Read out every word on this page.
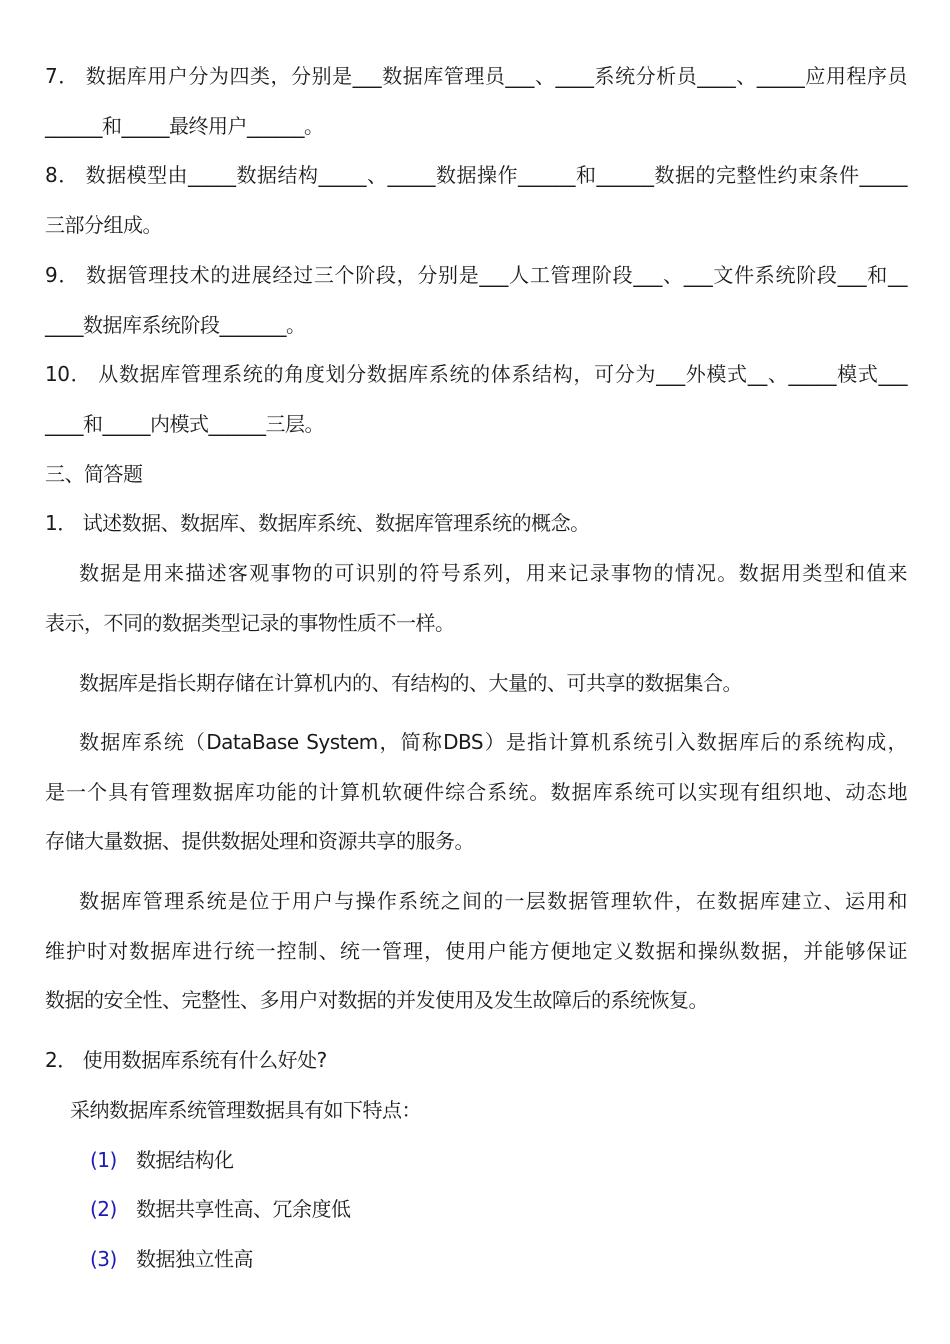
7． 数据库用户分为四类，分别是___数据库管理员___、____系统分析员____、_____应用程序员
______和_____最终用户______。
8． 数据模型由_____数据结构_____、_____数据操作______和______数据的完整性约束条件_____
三部分组成。
9． 数据管理技术的进展经过三个阶段，分别是___人工管理阶段___、___文件系统阶段___和__
____数据库系统阶段_______。
10． 从数据库管理系统的角度划分数据库系统的体系结构，可分为___外模式__、_____模式___
____和_____内模式______三层。
三、简答题
1． 试述数据、数据库、数据库系统、数据库管理系统的概念。
数据是用来描述客观事物的可识别的符号系列，用来记录事物的情况。数据用类型和值来
表示，不同的数据类型记录的事物性质不一样。
数据库是指长期存储在计算机内的、有结构的、大量的、可共享的数据集合。
数据库系统（DataBase System，简称DBS）是指计算机系统引入数据库后的系统构成，
是一个具有管理数据库功能的计算机软硬件综合系统。数据库系统可以实现有组织地、动态地
存储大量数据、提供数据处理和资源共享的服务。
数据库管理系统是位于用户与操作系统之间的一层数据管理软件，在数据库建立、运用和
维护时对数据库进行统一控制、统一管理，使用户能方便地定义数据和操纵数据，并能够保证
数据的安全性、完整性、多用户对数据的并发使用及发生故障后的系统恢复。
2． 使用数据库系统有什么好处?
采纳数据库系统管理数据具有如下特点：
(1) 数据结构化
(2) 数据共享性高、冗余度低
(3) 数据独立性高
